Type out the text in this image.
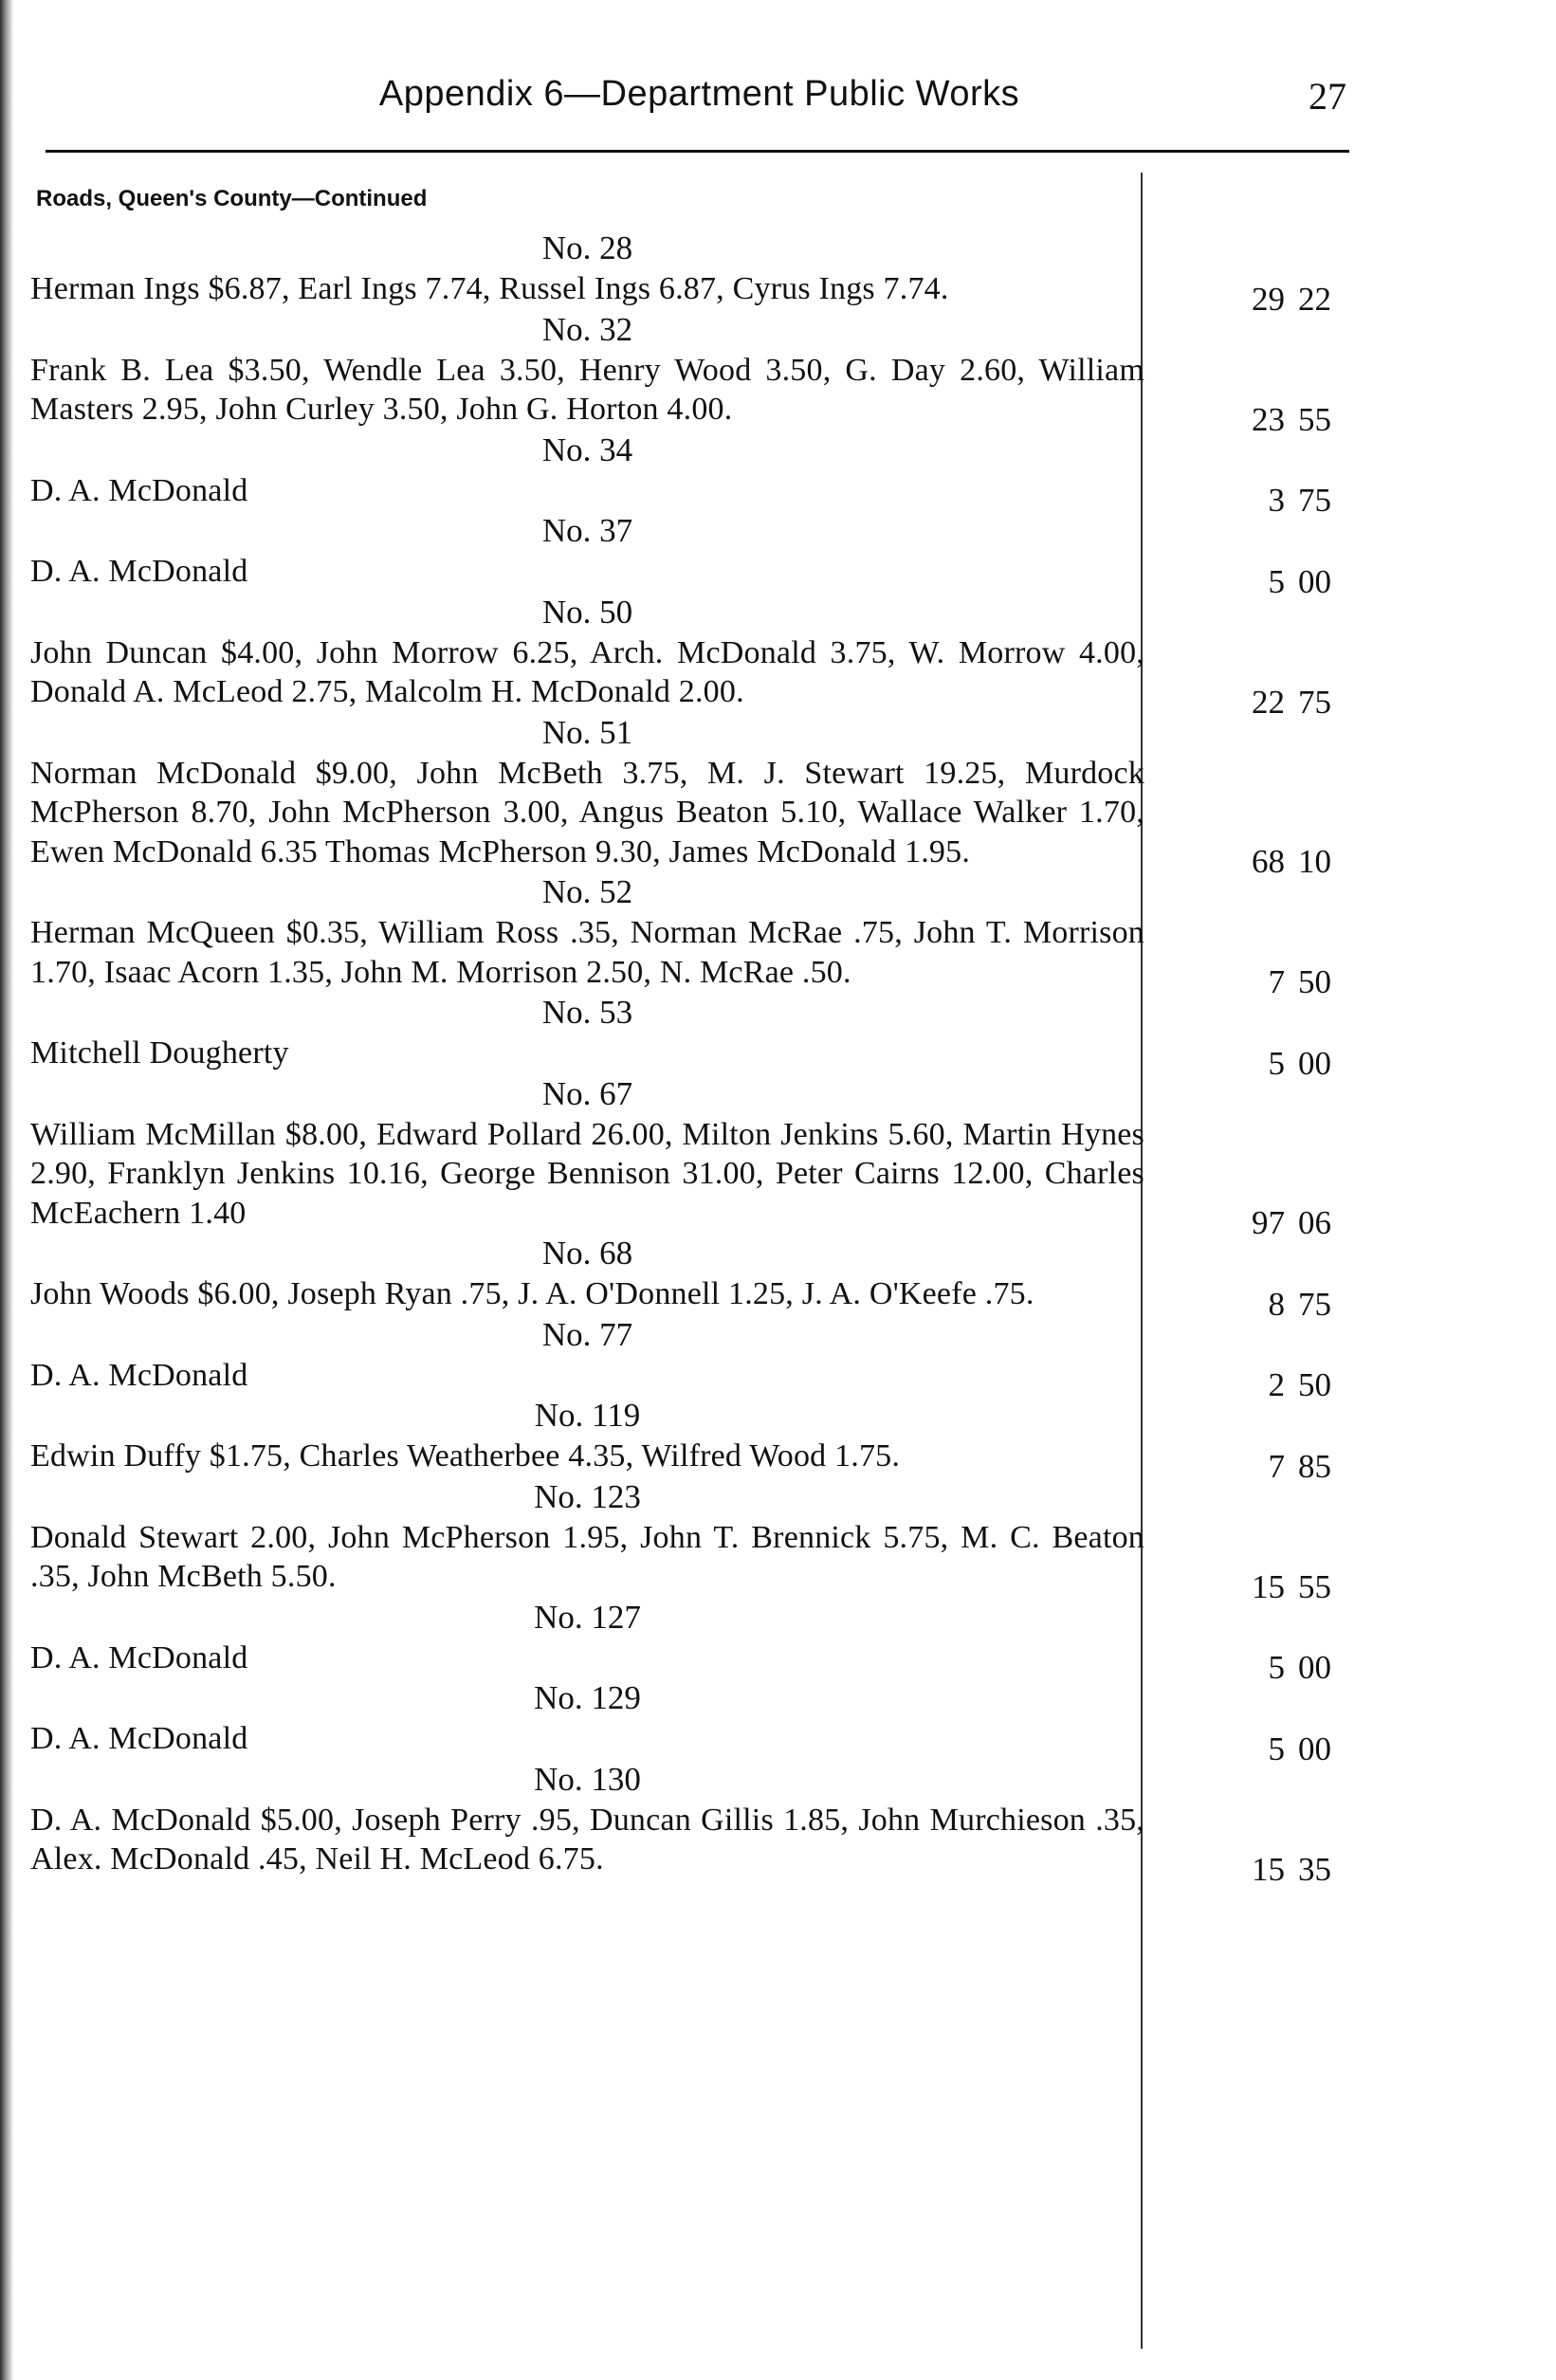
Appendix 6—Department Public Works	27
Roads, Queen's County—Continued
No. 28
Herman Ings $6.87, Earl Ings 7.74, Russel Ings 6.87, Cyrus Ings 7.74.	29 22
No. 32
Frank B. Lea $3.50, Wendle Lea 3.50, Henry Wood 3.50, G. Day 2.60, William Masters 2.95, John Curley 3.50, John G. Horton 4.00.	23 55
No. 34
D. A. McDonald	3 75
No. 37
D. A. McDonald	5 00
No. 50
John Duncan $4.00, John Morrow 6.25, Arch. McDonald 3.75, W. Morrow 4.00, Donald A. McLeod 2.75, Malcolm H. McDonald 2.00.	22 75
No. 51
Norman McDonald $9.00, John McBeth 3.75, M. J. Stewart 19.25, Murdock McPherson 8.70, John McPherson 3.00, Angus Beaton 5.10, Wallace Walker 1.70, Ewen McDonald 6.35 Thomas McPherson 9.30, James McDonald 1.95.	68 10
No. 52
Herman McQueen $0.35, William Ross .35, Norman McRae .75, John T. Morrison 1.70, Isaac Acorn 1.35, John M. Morrison 2.50, N. McRae .50.	7 50
No. 53
Mitchell Dougherty	5 00
No. 67
William McMillan $8.00, Edward Pollard 26.00, Milton Jenkins 5.60, Martin Hynes 2.90, Franklyn Jenkins 10.16, George Bennison 31.00, Peter Cairns 12.00, Charles McEachern 1.40	97 06
No. 68
John Woods $6.00, Joseph Ryan .75, J. A. O'Donnell 1.25, J. A. O'Keefe .75.	8 75
No. 77
D. A. McDonald	2 50
No. 119
Edwin Duffy $1.75, Charles Weatherbee 4.35, Wilfred Wood 1.75.	7 85
No. 123
Donald Stewart 2.00, John McPherson 1.95, John T. Brennick 5.75, M. C. Beaton .35, John McBeth 5.50.	15 55
No. 127
D. A. McDonald	5 00
No. 129
D. A. McDonald	5 00
No. 130
D. A. McDonald $5.00, Joseph Perry .95, Duncan Gillis 1.85, John Murchieson .35, Alex. McDonald .45, Neil H. McLeod 6.75.	15 35
